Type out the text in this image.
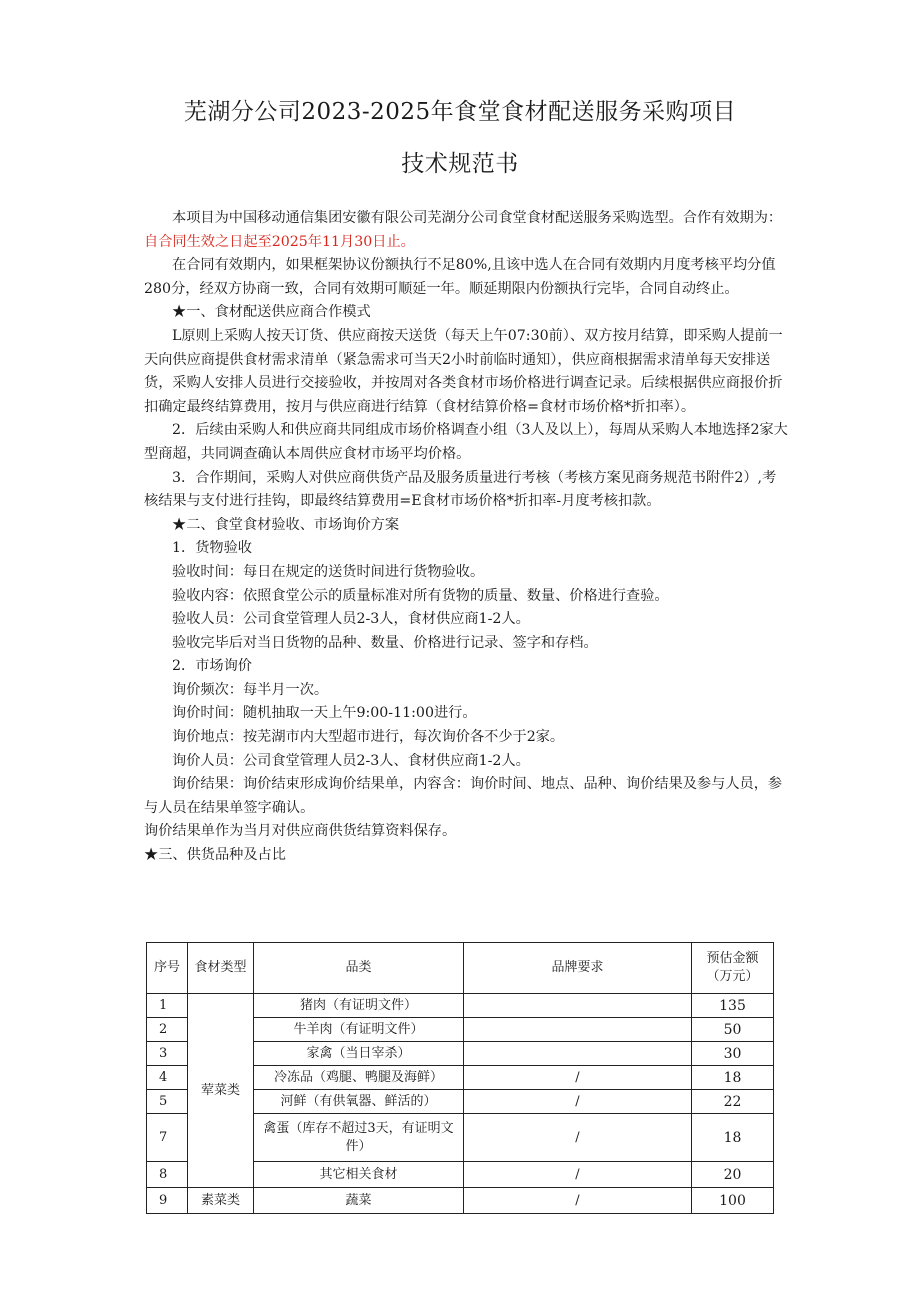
芜湖分公司2023-2025年食堂食材配送服务采购项目
技术规范书

本项目为中国移动通信集团安徽有限公司芜湖分公司食堂食材配送服务采购选型。合作有效期为：自合同生效之日起至2025年11月30日止。

在合同有效期内，如果框架协议份额执行不足80%,且该中选人在合同有效期内月度考核平均分值280分，经双方协商一致，合同有效期可顺延一年。顺延期限内份额执行完毕，合同自动终止。

★一、食材配送供应商合作模式

L原则上采购人按天订货、供应商按天送货（每天上午07:30前）、双方按月结算，即采购人提前一天向供应商提供食材需求清单（紧急需求可当天2小时前临时通知），供应商根据需求清单每天安排送货，采购人安排人员进行交接验收，并按周对各类食材市场价格进行调查记录。后续根据供应商报价折扣确定最终结算费用，按月与供应商进行结算（食材结算价格=食材市场价格*折扣率）。

2．后续由采购人和供应商共同组成市场价格调查小组（3人及以上），每周从采购人本地选择2家大型商超，共同调查确认本周供应食材市场平均价格。

3．合作期间，采购人对供应商供货产品及服务质量进行考核（考核方案见商务规范书附件2）,考核结果与支付进行挂钩，即最终结算费用=E食材市场价格*折扣率-月度考核扣款。

★二、食堂食材验收、市场询价方案

1．货物验收

验收时间：每日在规定的送货时间进行货物验收。

验收内容：依照食堂公示的质量标准对所有货物的质量、数量、价格进行查验。

验收人员：公司食堂管理人员2-3人，食材供应商1-2人。

验收完毕后对当日货物的品种、数量、价格进行记录、签字和存档。

2．市场询价

询价频次：每半月一次。

询价时间：随机抽取一天上午9:00-11:00进行。

询价地点：按芜湖市内大型超市进行，每次询价各不少于2家。

询价人员：公司食堂管理人员2-3人、食材供应商1-2人。

询价结果：询价结束形成询价结果单，内容含：询价时间、地点、品种、询价结果及参与人员，参与人员在结果单签字确认。

询价结果单作为当月对供应商供货结算资料保存。

★三、供货品种及占比

序号	食材类型	品类	品牌要求	预估金额（万元）
1	荤菜类	猪肉（有证明文件）		135
2		牛羊肉（有证明文件）		50
3		家禽（当日宰杀）		30
4		冷冻品（鸡腿、鸭腿及海鲜）	/	18
5		河鲜（有供氧器、鲜活的）	/	22
7		禽蛋（库存不超过3天，有证明文件）	/	18
8		其它相关食材	/	20
9	素菜类	蔬菜	/	100
